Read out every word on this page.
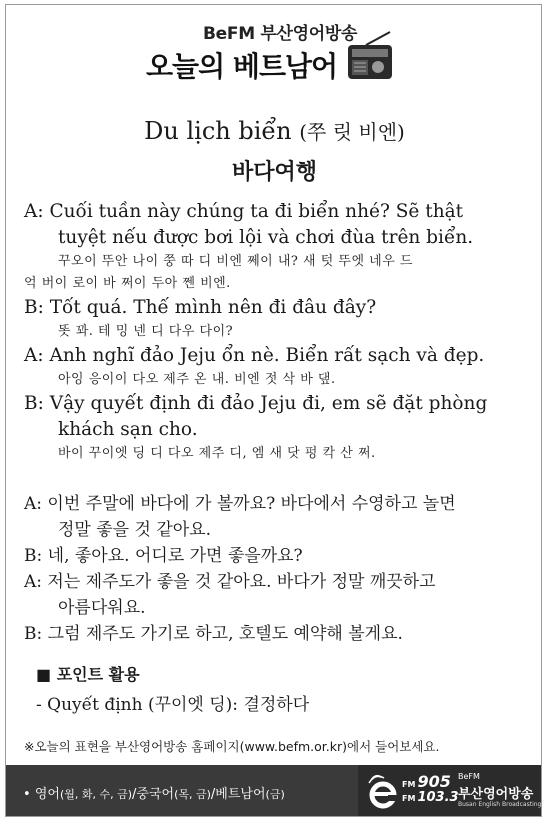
BeFM 부산영어방송
오늘의 베트남어
Du lịch biển (쭈 릿 비엔)
바다여행
A: Cuối tuần này chúng ta đi biển nhé? Sẽ thật
tuyệt nếu được bơi lội và chơi đùa trên biển.
꾸오이 뚜안 나이 쭝 따 디 비엔 쩨이 내? 새 텃 뚜엣 네우 드
억 버이 로이 바 쩌이 두아 쩬 비엔.
B: Tốt quá. Thế mình nên đi đâu đây?
똣 꽈. 테 밍 넨 디 다우 다이?
A: Anh nghĩ đảo Jeju ổn nè. Biển rất sạch và đẹp.
아잉 응이이 다오 제주 온 내. 비엔 젓 삭 바 댚.
B: Vậy quyết định đi đảo Jeju đi, em sẽ đặt phòng
khách sạn cho.
바이 꾸이엣 딩 디 다오 제주 디, 엠 새 닷 펑 칵 산 쩌.
A: 이번 주말에 바다에 가 볼까요? 바다에서 수영하고 놀면
정말 좋을 것 같아요.
B: 네, 좋아요. 어디로 가면 좋을까요?
A: 저는 제주도가 좋을 것 같아요. 바다가 정말 깨끗하고
아름다워요.
B: 그럼 제주도 가기로 하고, 호텔도 예약해 볼게요.
■ 포인트 활용
- Quyết định (꾸이엣 딩): 결정하다
※오늘의 표현을 부산영어방송 홈페이지(www.befm.or.kr)에서 들어보세요.
• 영어(월, 화, 수, 금)/중국어(목, 금)/베트남어(금)
FM 905
FM 103.3
BeFM
부산영어방송
Busan English Broadcasting
